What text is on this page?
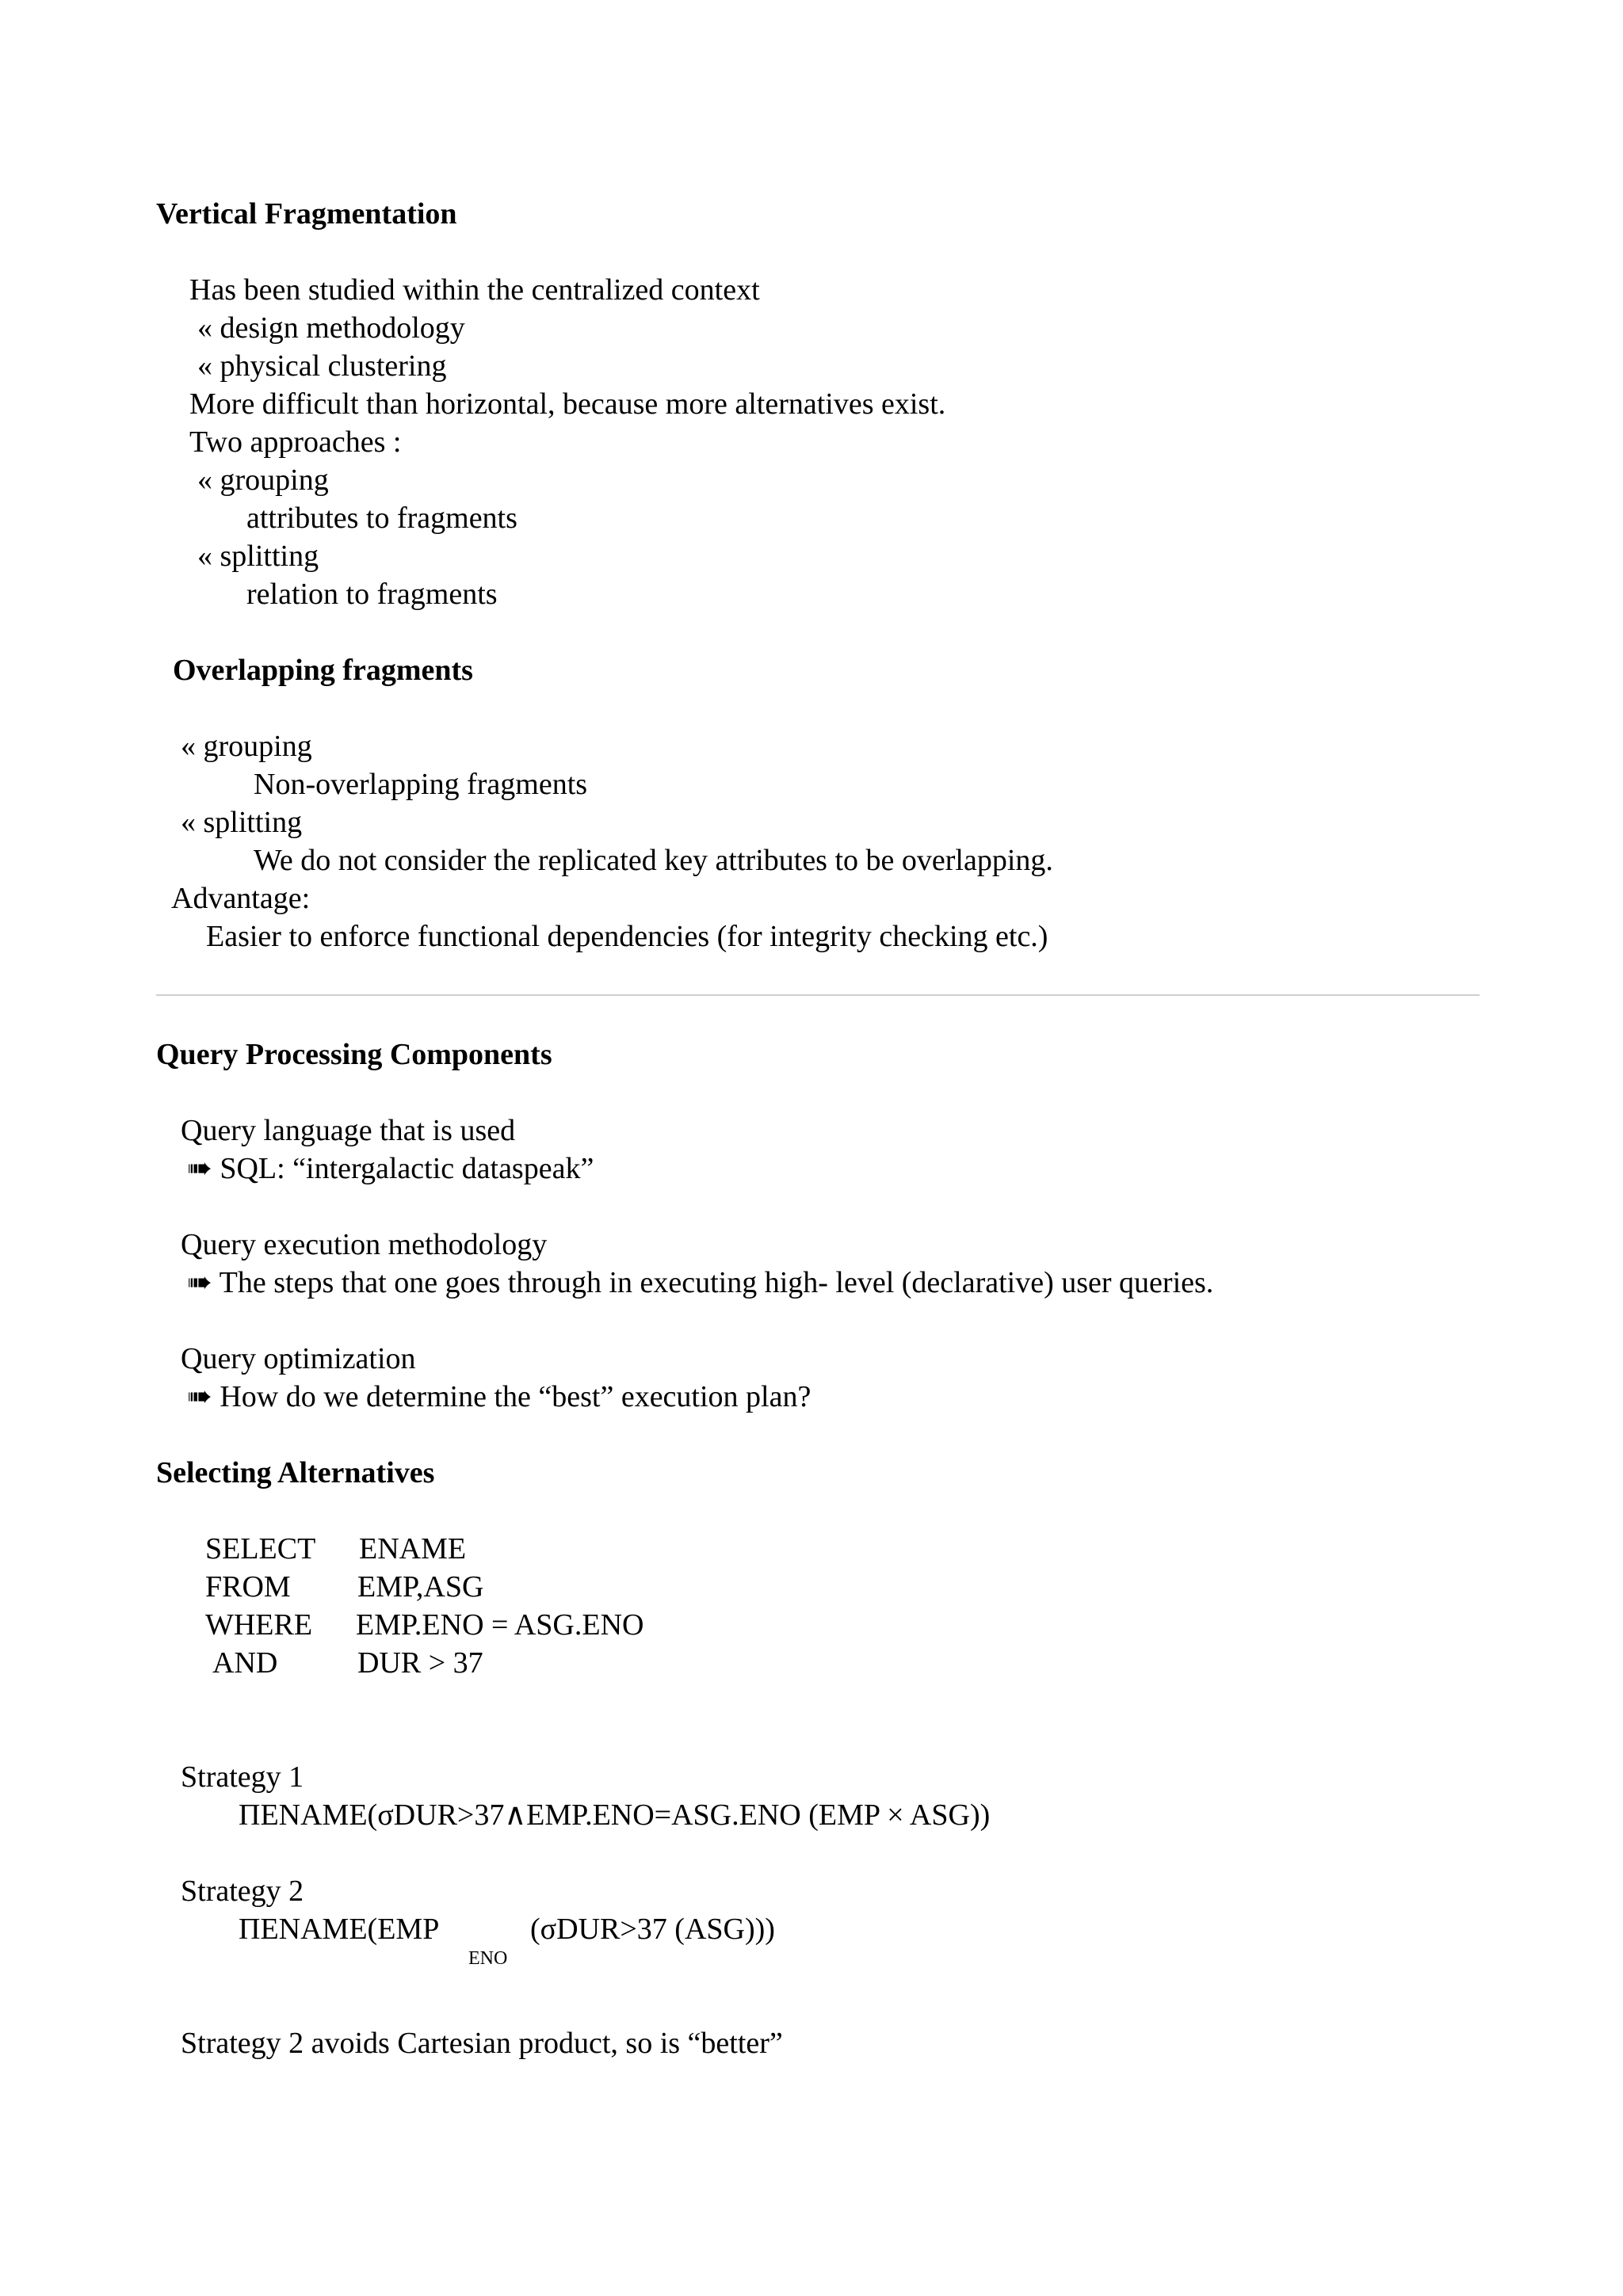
Vertical Fragmentation
Has been studied within the centralized context
« design methodology
« physical clustering
More difficult than horizontal, because more alternatives exist.
Two approaches :
« grouping
attributes to fragments
« splitting
relation to fragments
Overlapping fragments
« grouping
Non-overlapping fragments
« splitting
We do not consider the replicated key attributes to be overlapping.
Advantage:
Easier to enforce functional dependencies (for integrity checking etc.)
Query Processing Components
Query language that is used
➠ SQL: “intergalactic dataspeak”
Query execution methodology
➠ The steps that one goes through in executing high- level (declarative) user queries.
Query optimization
➠ How do we determine the “best” execution plan?
Selecting Alternatives
SELECT ENAME
FROM EMP,ASG
WHERE EMP.ENO = ASG.ENO
AND	DUR > 37
Strategy 1
ΠENAME(σDUR>37∧EMP.ENO=ASG.ENO (EMP × ASG))
Strategy 2
ΠENAME(EMP	(σDUR>37 (ASG)))
ENO
Strategy 2 avoids Cartesian product, so is “better”
